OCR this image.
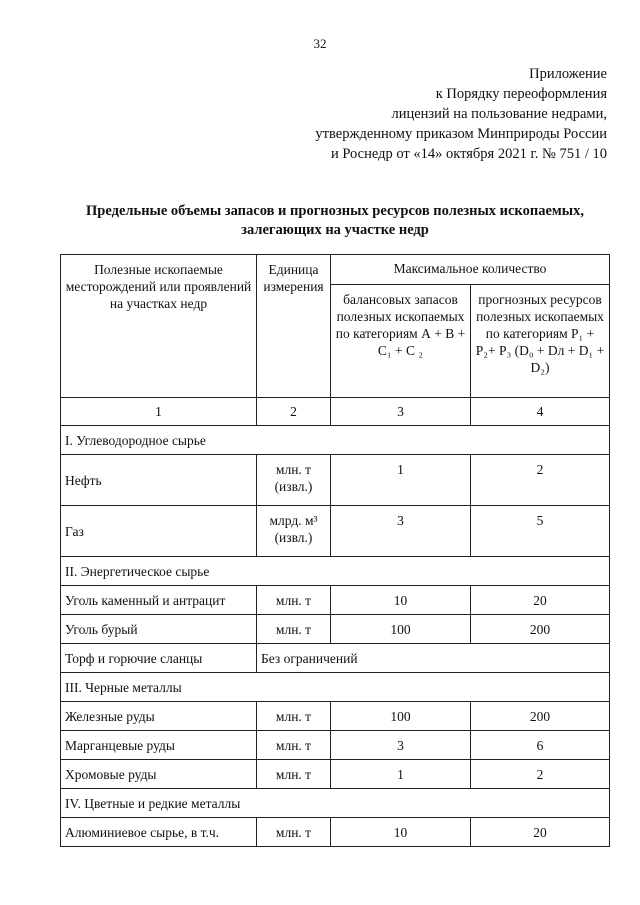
32
Приложение
к Порядку переоформления
лицензий на пользование недрами,
утвержденному приказом Минприроды России
и Роснедр от «14» октября 2021 г. № 751 / 10
Предельные объемы запасов и прогнозных ресурсов полезных ископаемых,
залегающих на участке недр
Полезные ископаемые месторождений или проявлений на участках недр	Единица измерения	Максимальное количество	
		балансовых запасов полезных ископаемых по категориям А + В + С₁ + С ₂	прогнозных ресурсов полезных ископаемых по категориям Р₁ + Р₂+ Р₃ (D₀ + Dл + D₁ + D₂)
1	2	3	4
I. Углеводородное сырье			
Нефть	млн. т (извл.)	1	2
Газ	млрд. м³ (извл.)	3	5
II. Энергетическое сырье			
Уголь каменный и антрацит	млн. т	10	20
Уголь бурый	млн. т	100	200
Торф и горючие сланцы	Без ограничений		
III. Черные металлы			
Железные руды	млн. т	100	200
Марганцевые руды	млн. т	3	6
Хромовые руды	млн. т	1	2
IV. Цветные и редкие металлы			
Алюминиевое сырье, в т.ч.	млн. т	10	20
